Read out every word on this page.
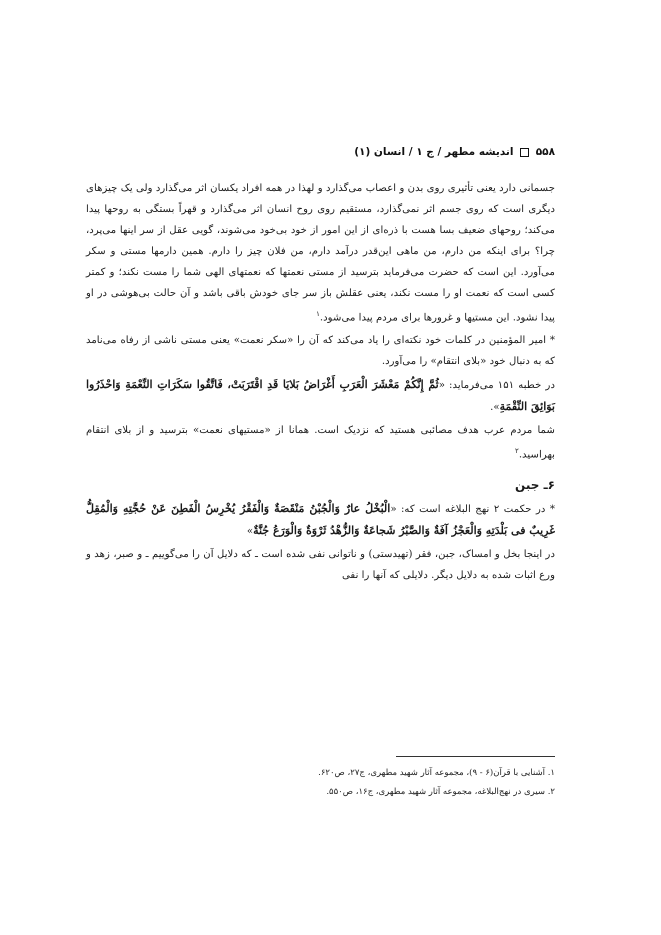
۵۵۸  اندیشه مطهر / ج ۱ / انسان (۱)

جسمانی دارد یعنی تأثیری روی بدن و اعصاب می‌گذارد و لهذا در همه افراد یکسان اثر می‌گذارد ولی یک چیزهای دیگری است که روی جسم اثر نمی‌گذارد، مستقیم روی روح انسان اثر می‌گذارد و قهراً بستگی به روحها پیدا می‌کند؛ روحهای ضعیف بسا هست با ذره‌ای از این امور از خود بی‌خود می‌شوند، گویی عقل از سر اینها می‌پرد، چرا؟ برای اینکه من دارم، من ماهی این‌قدر درآمد دارم، من فلان چیز را دارم. همین دارمها مستی و سکر می‌آورد. این است که حضرت می‌فرماید بترسید از مستی نعمتها که نعمتهای الهی شما را مست نکند؛ و کمتر کسی است که نعمت او را مست نکند، یعنی عقلش باز سر جای خودش باقی باشد و آن حالت بی‌هوشی در او پیدا نشود. این مستیها و غرورها برای مردم پیدا می‌شود.$^۱$

* امیر المؤمنین در کلمات خود نکته‌ای را یاد می‌کند که آن را «سکر نعمت» یعنی مستی ناشی از رفاه می‌نامد که به دنبال خود «بلای انتقام» را می‌آورد.

در خطبه ۱۵۱ می‌فرماید: «ثُمَّ إِنَّكُمْ مَعْشَرَ الْعَرَبِ أَغْرَاضُ بَلايَا قَدِ اقْتَرَبَتْ، فَاتَّقُوا سَكَرَاتِ النِّعْمَةِ وَاحْذَرُوا بَوَائِقَ النِّقْمَةِ».

شما مردم عرب هدف مصائبی هستید که نزدیک است. همانا از «مستیهای نعمت» بترسید و از بلای انتقام بهراسید.$^۲$

۶ـ جبن

* در حکمت ۲ نهج البلاغه است که: «الْبُخْلُ عارٌ وَالْجُبْنُ مَنْقَصَةٌ وَالْفَقْرُ يُخْرِسُ الْفَطِنَ عَنْ حُجَّتِهِ وَالْمُقِلُّ غَرِيبٌ فی بَلْدَتِهِ وَالْعَجْزُ آفَةٌ وَالصَّبْرُ شَجاعَةٌ وَالزُّهْدُ ثَرْوَةٌ وَالْوَرَعُ جُنَّةٌ»

در اینجا بخل و امساک، جبن، فقر (تهیدستی) و ناتوانی نفی شده است ـ که دلایل آن را می‌گوییم ـ و صبر، زهد و ورع اثبات شده به دلایل دیگر. دلایلی که آنها را نفی

۱. آشنایی با قرآن(۶ - ۹)، مجموعه آثار شهید مطهری، ج۲۷، ص۶۲۰.
۲. سیری در نهج‌البلاغه، مجموعه آثار شهید مطهری، ج۱۶، ص۵۵۰.
